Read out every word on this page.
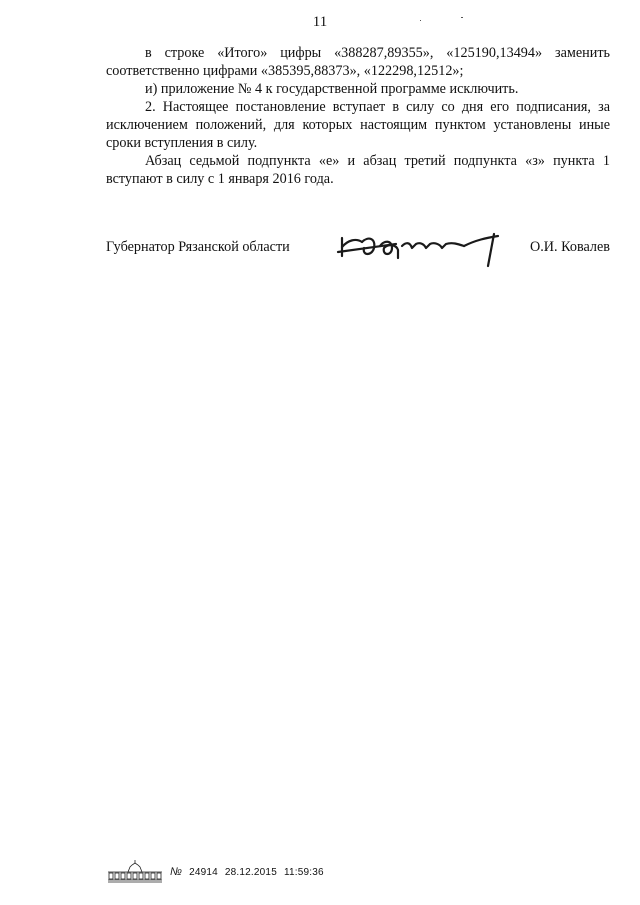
11

в строке «Итого» цифры «388287,89355», «125190,13494» заменить соответственно цифрами «385395,88373», «122298,12512»;

и) приложение № 4 к государственной программе исключить.

2. Настоящее постановление вступает в силу со дня его подписания, за исключением положений, для которых настоящим пунктом установлены иные сроки вступления в силу.

Абзац седьмой подпункта «е» и абзац третий подпункта «з» пункта 1 вступают в силу с 1 января 2016 года.

Губернатор Рязанской области	О.И. Ковалев
№ 24914 28.12.2015 11:59:36
